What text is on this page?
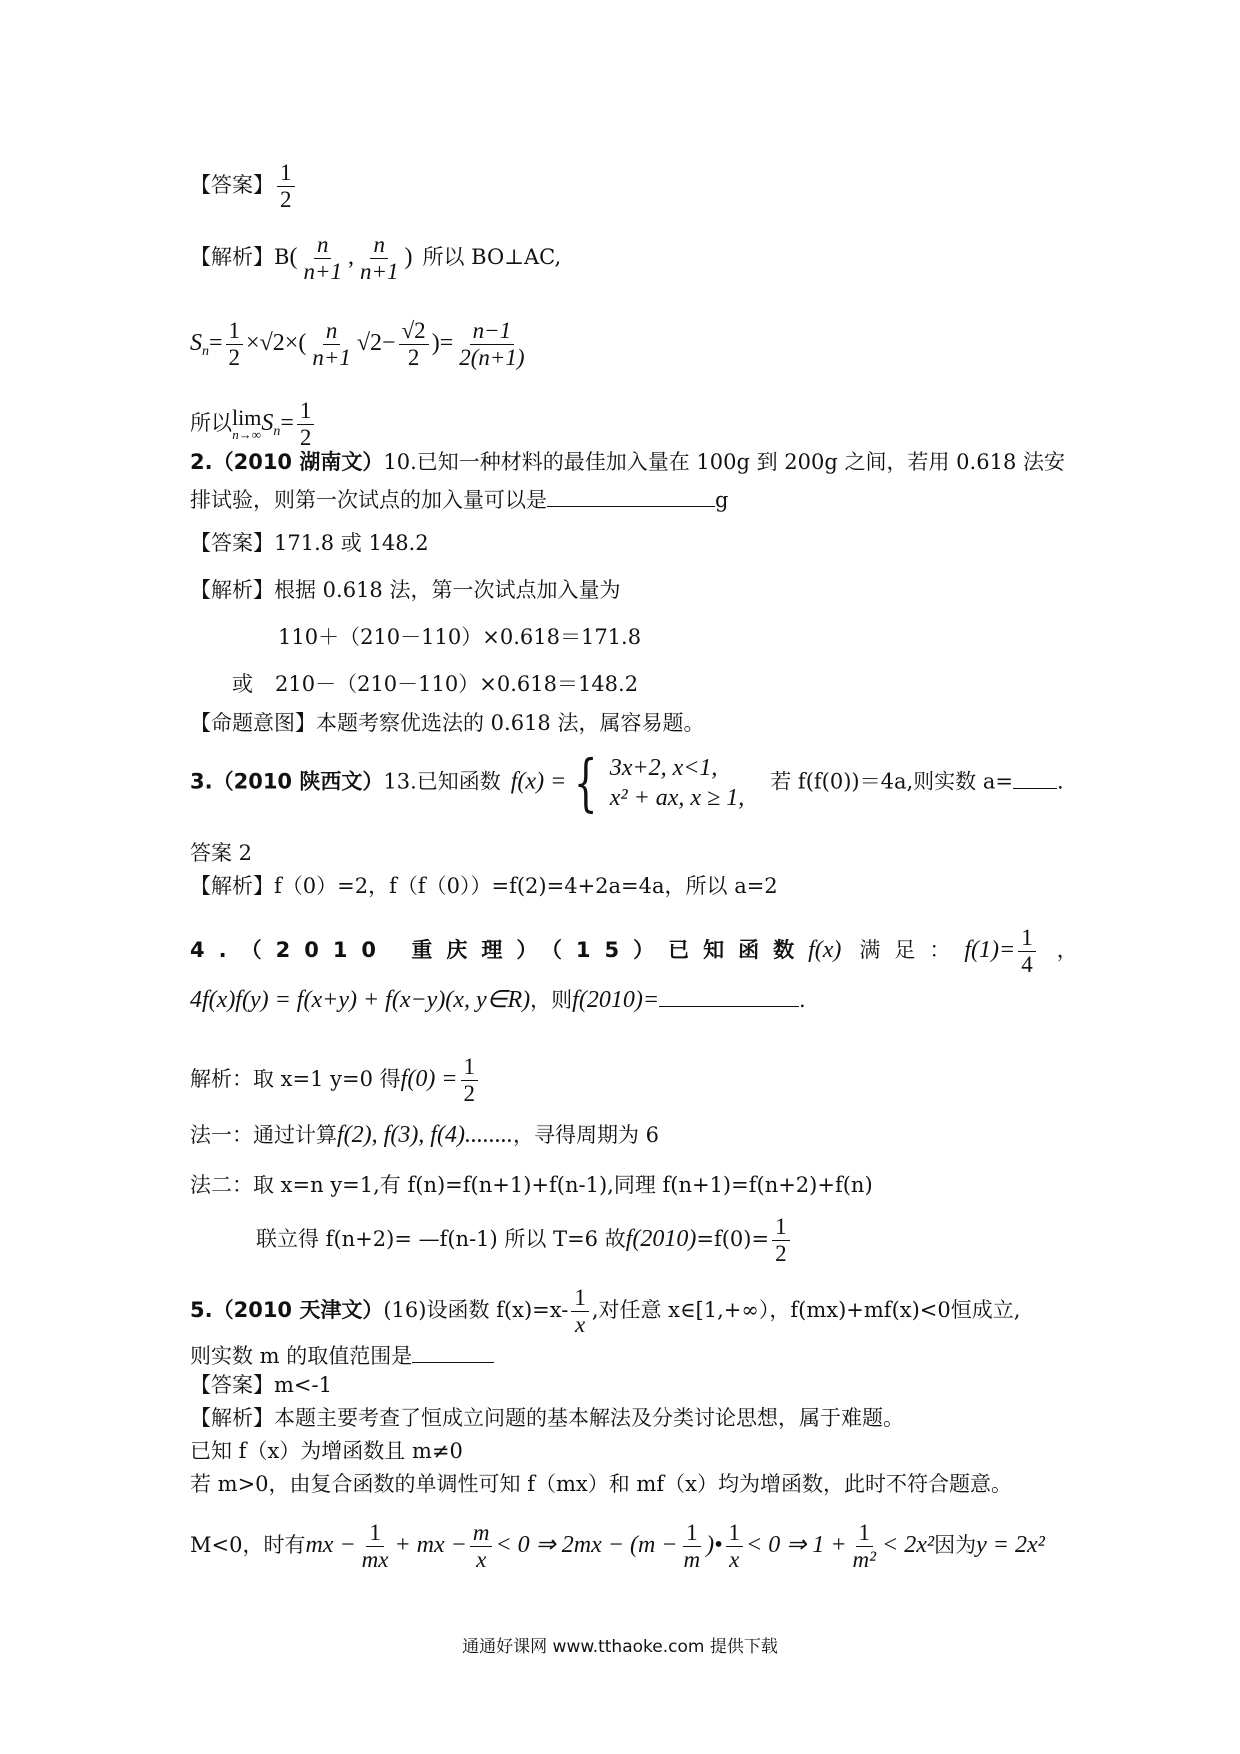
【答案】 $\frac{1}{2}$
【解析】$B( \frac{n}{n+1}$ , $\frac{n}{n+1}$ ) 所以 BO⊥AC,
$S_n= \frac{1}{2} \times√2\times( \frac{n}{n+1} √2- \frac{√2}{2}$ )= $\frac{n-1}{2(n+1)}$
所以 lim
n→∞ $S_n= \frac{1}{2}$
2.（2010 湖南文）10.已知一种材料的最佳加入量在 100g 到 200g 之间，若用 0.618 法安
排试验，则第一次试点的加入量可以是	g
【答案】171.8 或 148.2
【解析】根据 0.618 法，第一次试点加入量为
110＋（210－110）×0.618＝171.8
或 210－（210－110）×0.618＝148.2
【命题意图】本题考察优选法的 0.618 法，属容易题。
3.（2010 陕西文）13.已知函数 f(x) = { 3x+2, x<1,
x² + ax, x ≥ 1,
若 f(f(0))＝4a,则实数 a= .
答案 2
【解析】f（0）=2，f（f（0））=f(2)=4+2a=4a，所以 a=2
4.（2010 重庆理）（15）已知函数f(x) 满足：$f(1)= \frac{1}{4}$ ，
4f(x)f(y) = f(x+y) + f(x−y)(x, y∈R)，则f(2010)=	.
解析：取 x=1 y=0 得$f(0) = \frac{1}{2}$
法一：通过计算f(2), f(3), f(4)........，寻得周期为 6
法二：取 x=n y=1,有 f(n)=f(n+1)+f(n-1),同理 f(n+1)=f(n+2)+f(n)
联立得 f(n+2)= —f(n-1) 所以 T=6 故$f(2010)=f(0)= \frac{1}{2}$
5.（2010 天津文）(16)设函数 $f(x)=x- \frac{1}{x}$ ,对任意 x∈[1,+∞），f(mx)+mf(x)<0恒成立,
则实数 m 的取值范围是
【答案】m<-1
【解析】本题主要考查了恒成立问题的基本解法及分类讨论思想，属于难题。
已知 f（x）为增函数且 m≠0
若 m>0，由复合函数的单调性可知 f（mx）和 mf（x）均为增函数，此时不符合题意。
M<0，时有mx − $\frac{1}{mx}$ + mx − $\frac{m}{x} < 0$ ⇒ $2mx - (m - \frac{1}{m}$ )• $\frac{1}{x} < 0$ ⇒ $1 + \frac{1}{\text{m²}} < 2x^2$因为y = 2x²
通通好课网 www.tthaoke.com 提供下载
